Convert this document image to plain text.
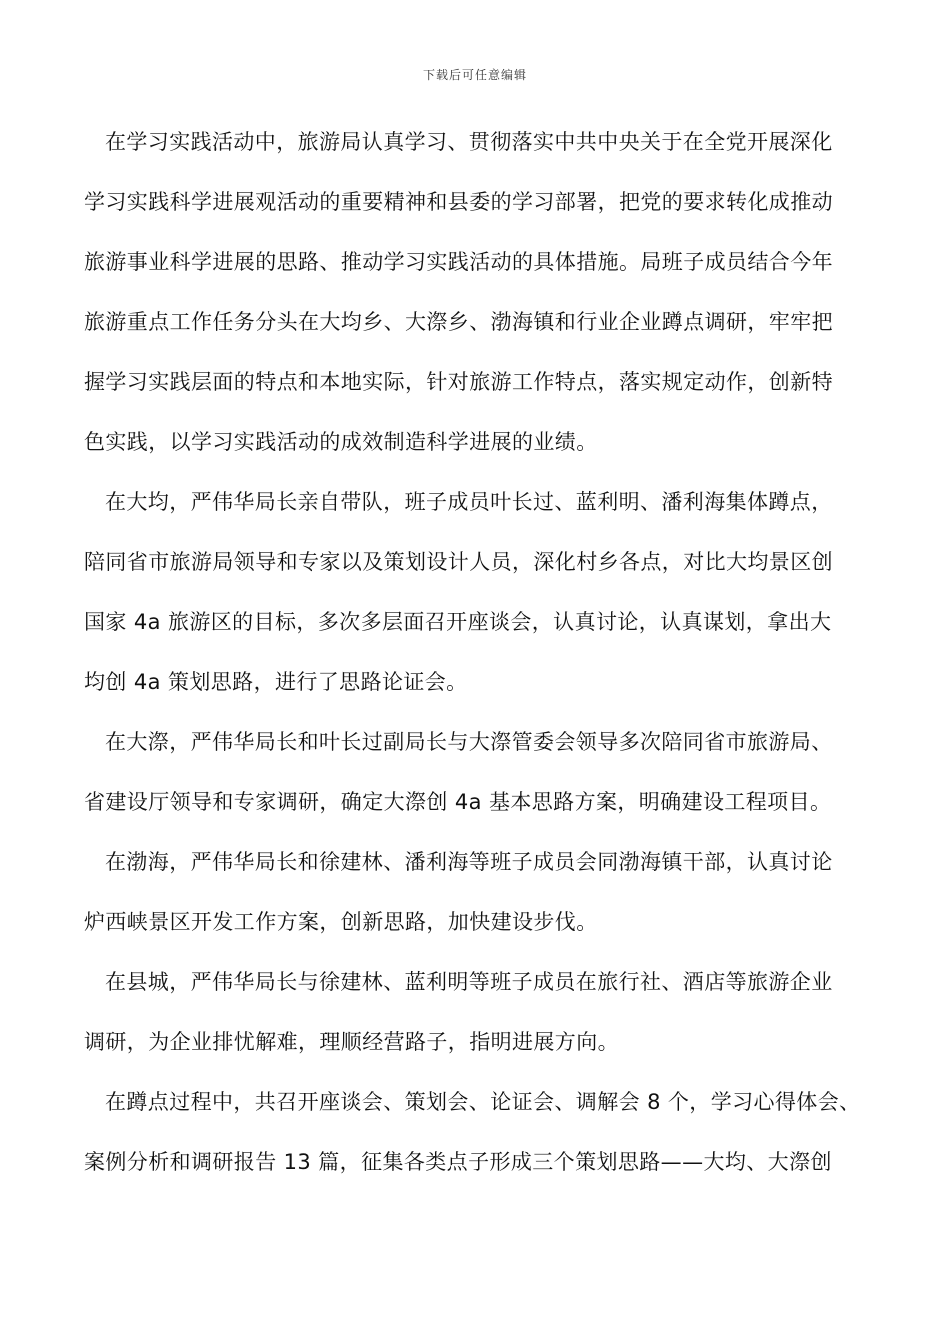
下载后可任意编辑

在学习实践活动中，旅游局认真学习、贯彻落实中共中央关于在全党开展深化
学习实践科学进展观活动的重要精神和县委的学习部署，把党的要求转化成推动
旅游事业科学进展的思路、推动学习实践活动的具体措施。局班子成员结合今年
旅游重点工作任务分头在大均乡、大漈乡、渤海镇和行业企业蹲点调研，牢牢把
握学习实践层面的特点和本地实际，针对旅游工作特点，落实规定动作，创新特
色实践，以学习实践活动的成效制造科学进展的业绩。

在大均，严伟华局长亲自带队，班子成员叶长过、蓝利明、潘利海集体蹲点，
陪同省市旅游局领导和专家以及策划设计人员，深化村乡各点，对比大均景区创
国家 4a 旅游区的目标，多次多层面召开座谈会，认真讨论，认真谋划，拿出大
均创 4a 策划思路，进行了思路论证会。

在大漈，严伟华局长和叶长过副局长与大漈管委会领导多次陪同省市旅游局、
省建设厅领导和专家调研，确定大漈创 4a 基本思路方案，明确建设工程项目。

在渤海，严伟华局长和徐建林、潘利海等班子成员会同渤海镇干部，认真讨论
炉西峡景区开发工作方案，创新思路，加快建设步伐。

在县城，严伟华局长与徐建林、蓝利明等班子成员在旅行社、酒店等旅游企业
调研，为企业排忧解难，理顺经营路子，指明进展方向。

在蹲点过程中，共召开座谈会、策划会、论证会、调解会 8 个，学习心得体会、
案例分析和调研报告 13 篇，征集各类点子形成三个策划思路——大均、大漈创
